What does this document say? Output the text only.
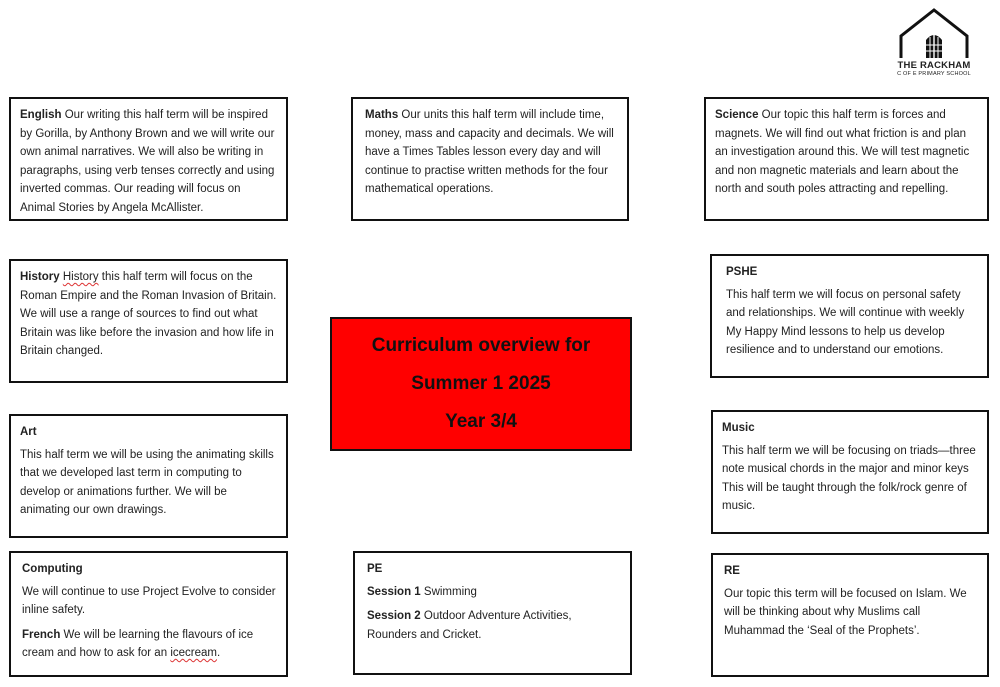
THE RACKHAM
C OF E PRIMARY SCHOOL

English Our writing this half term will be inspired by Gorilla, by Anthony Brown and we will write our own animal narratives. We will also be writing in paragraphs, using verb tenses correctly and using inverted commas. Our reading will focus on Animal Stories by Angela McAllister.

Maths Our units this half term will include time, money, mass and capacity and decimals. We will have a Times Tables lesson every day and will continue to practise written methods for the four mathematical operations.

Science Our topic this half term is forces and magnets. We will find out what friction is and plan an investigation around this. We will test magnetic and non magnetic materials and learn about the north and south poles attracting and repelling.

History History this half term will focus on the Roman Empire and the Roman Invasion of Britain. We will use a range of sources to find out what Britain was like before the invasion and how life in Britain changed.

PSHE

This half term we will focus on personal safety and relationships. We will continue with weekly My Happy Mind lessons to help us develop resilience and to understand our emotions.

Curriculum overview for
Summer 1 2025
Year 3/4
Art

This half term we will be using the animating skills that we developed last term in computing to develop or animations further. We will be animating our own drawings.

Music

This half term we will be focusing on triads—three note musical chords in the major and minor keys This will be taught through the folk/rock genre of music.

Computing

We will continue to use Project Evolve to consider inline safety.

French We will be learning the flavours of ice cream and how to ask for an icecream.

PE

Session 1 Swimming

Session 2 Outdoor Adventure Activities, Rounders and Cricket.

RE

Our topic this term will be focused on Islam. We will be thinking about why Muslims call Muhammad the ‘Seal of the Prophets’.
